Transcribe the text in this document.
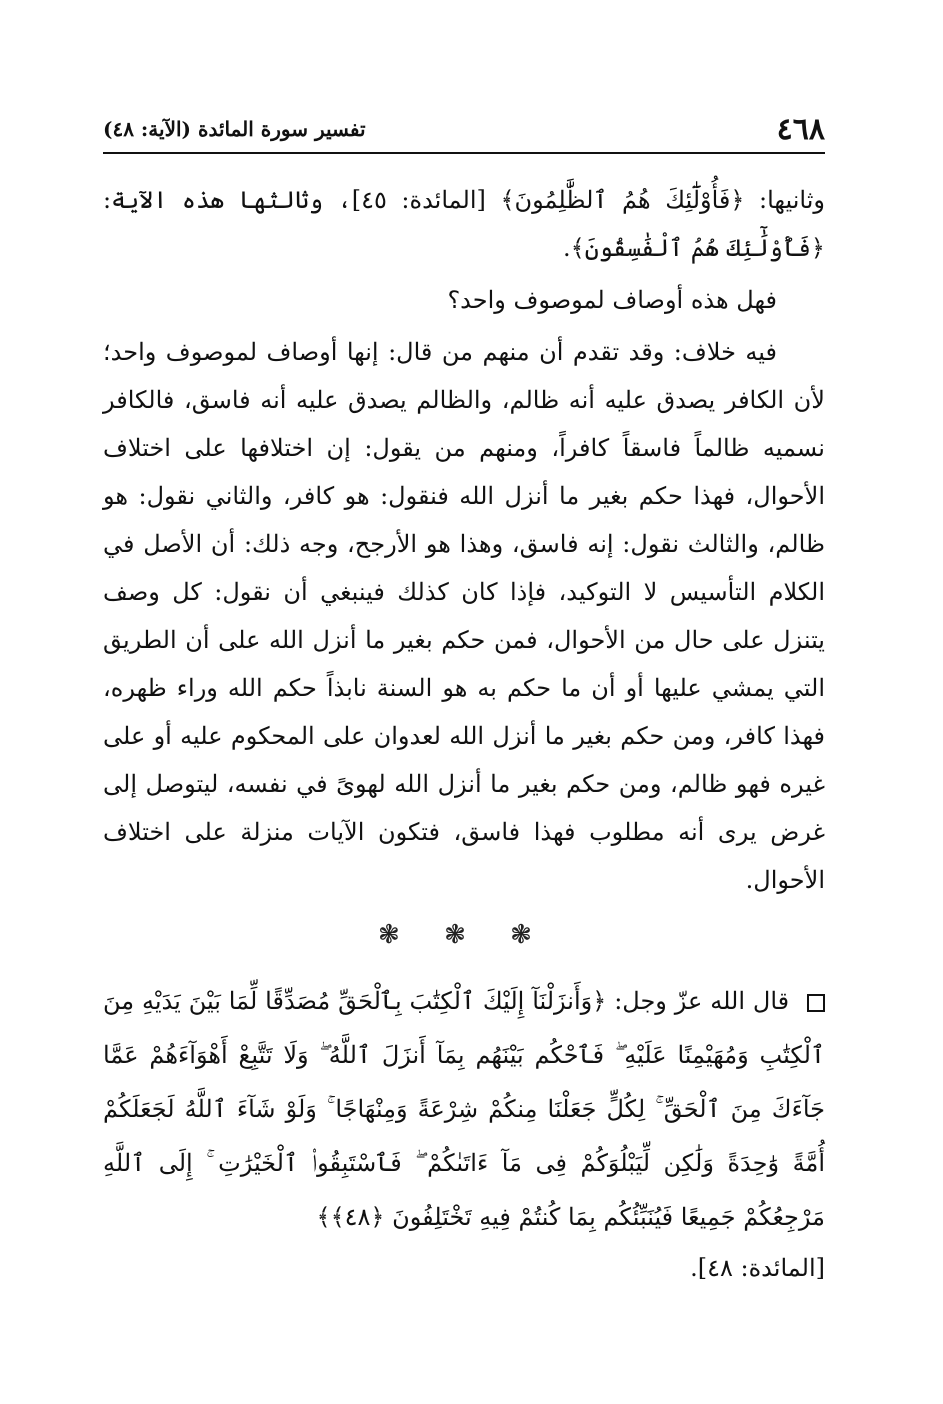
٤٦٨
تفسير سورة المائدة (الآية: ٤٨)

وثانيها: ﴿فَأُوْلَٰٓئِكَ هُمُ ٱلظَّٰلِمُونَ﴾ [المائدة: ٤٥]، وثالثها هذه الآية: ﴿فَأُوْلَٰٓئِكَ هُمُ ٱلْفَٰسِقُونَ﴾.

فهل هذه أوصاف لموصوف واحد؟

فيه خلاف: وقد تقدم أن منهم من قال: إنها أوصاف لموصوف واحد؛ لأن الكافر يصدق عليه أنه ظالم، والظالم يصدق عليه أنه فاسق، فالكافر نسميه ظالماً فاسقاً كافراً، ومنهم من يقول: إن اختلافها على اختلاف الأحوال، فهذا حكم بغير ما أنزل الله فنقول: هو كافر، والثاني نقول: هو ظالم، والثالث نقول: إنه فاسق، وهذا هو الأرجح، وجه ذلك: أن الأصل في الكلام التأسيس لا التوكيد، فإذا كان كذلك فينبغي أن نقول: كل وصف يتنزل على حال من الأحوال، فمن حكم بغير ما أنزل الله على أن الطريق التي يمشي عليها أو أن ما حكم به هو السنة نابذاً حكم الله وراء ظهره، فهذا كافر، ومن حكم بغير ما أنزل الله لعدوان على المحكوم عليه أو على غيره فهو ظالم، ومن حكم بغير ما أنزل الله لهوىً في نفسه، ليتوصل إلى غرض يرى أنه مطلوب فهذا فاسق، فتكون الآيات منزلة على اختلاف الأحوال.

❃ ❃ ❃

قال الله عزّ وجل: ﴿وَأَنزَلْنَآ إِلَيْكَ ٱلْكِتَٰبَ بِٱلْحَقِّ مُصَدِّقًا لِّمَا بَيْنَ يَدَيْهِ مِنَ ٱلْكِتَٰبِ وَمُهَيْمِنًا عَلَيْهِ ۖ فَٱحْكُم بَيْنَهُم بِمَآ أَنزَلَ ٱللَّهُ ۖ وَلَا تَتَّبِعْ أَهْوَآءَهُمْ عَمَّا جَآءَكَ مِنَ ٱلْحَقِّ ۚ لِكُلٍّ جَعَلْنَا مِنكُمْ شِرْعَةً وَمِنْهَاجًا ۚ وَلَوْ شَآءَ ٱللَّهُ لَجَعَلَكُمْ أُمَّةً وَٰحِدَةً وَلَٰكِن لِّيَبْلُوَكُمْ فِى مَآ ءَاتَىٰكُمْ ۖ فَٱسْتَبِقُوا۟ ٱلْخَيْرَٰتِ ۚ إِلَى ٱللَّهِ مَرْجِعُكُمْ جَمِيعًا فَيُنَبِّئُكُم بِمَا كُنتُمْ فِيهِ تَخْتَلِفُونَ ﴿٤٨﴾﴾

[المائدة: ٤٨].
